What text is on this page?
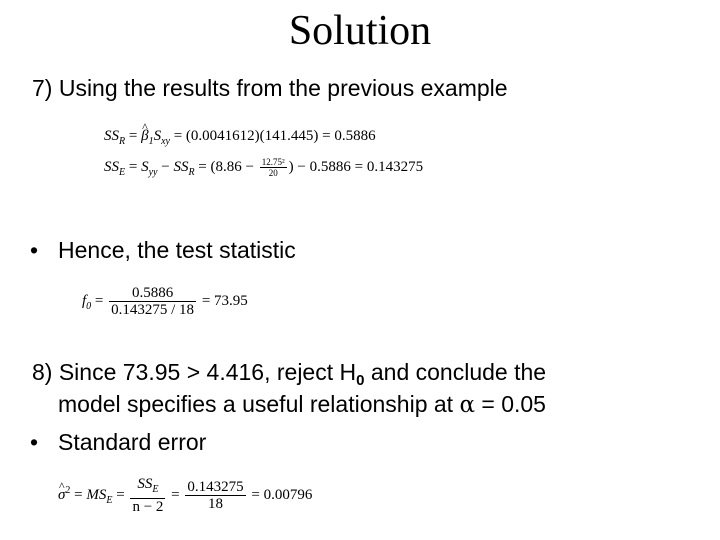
Solution
7) Using the results from the previous example
$SS_R$ = ^ $\beta_1S_{xy} = (0.0041612)(141.445) = 0.5886$
$SS_E = S_{yy} - SS_R = (8.86 - \frac{\text{12.75²}}{20}$ ) − 0.5886 = 0.143275
• Hence, the test statistic
$f_0 = \frac{0.5886}{0.143275 / 18} = 73.95$
8) Since 73.95 > 4.416, reject $H_0$ and conclude the
model specifies a useful relationship at α = 0.05
• Standard error
^ $\sigma^2 = MS_E = \frac{SS_E}{n - 2} = \frac{0.143275}{18} = 0.00796$
